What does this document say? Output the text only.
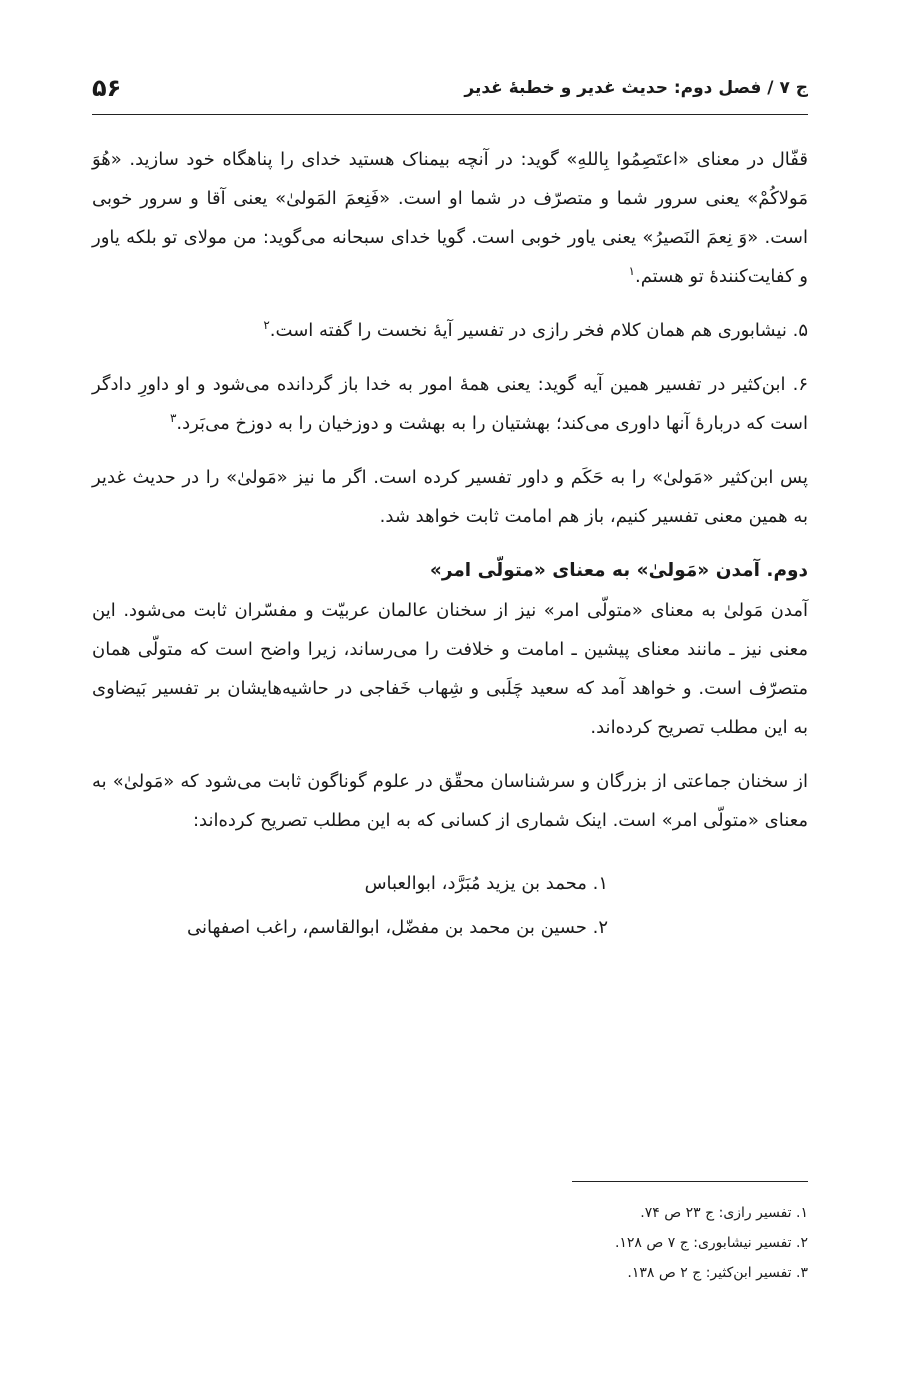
ج ۷ / فصل دوم: حدیث غدیر و خطبهٔ غدیر
۵۶

قفّال در معنای «اعتَصِمُوا بِاللهِ» گوید: در آنچه بیمناک هستید خدای را پناهگاه خود سازید. «هُوَ مَولاکُمْ» یعنی سرور شما و متصرّف در شما او است. «فَنِعمَ المَولیٰ» یعنی آقا و سرور خوبی است. «وَ نِعمَ النَصیرُ» یعنی یاور خوبی است. گویا خدای سبحانه می‌گوید: من مولای تو بلکه یاور و کفایت‌کنندهٔ تو هستم.$^۱$

۵. نیشابوری هم همان کلام فخر رازی در تفسیر آیهٔ نخست را گفته است.$^۲$

۶. ابن‌کثیر در تفسیر همین آیه گوید: یعنی همهٔ امور به خدا باز گردانده می‌شود و او داورِ دادگر است که دربارهٔ آنها داوری می‌کند؛ بهشتیان را به بهشت و دوزخیان را به دوزخ می‌بَرد.$^۳$

پس ابن‌کثیر «مَولیٰ» را به حَکَم و داور تفسیر کرده است. اگر ما نیز «مَولیٰ» را در حدیث غدیر به همین معنی تفسیر کنیم، باز هم امامت ثابت خواهد شد.

دوم. آمدن «مَولیٰ» به معنای «متولّی امر»

آمدن مَولیٰ به معنای «متولّی امر» نیز از سخنان عالمان عربیّت و مفسّران ثابت می‌شود. این معنی نیز ـ مانند معنای پیشین ـ امامت و خلافت را می‌رساند، زیرا واضح است که متولّی همان متصرّف است. و خواهد آمد که سعید چَلَبی و شِهاب خَفاجی در حاشیه‌هایشان بر تفسیر بَیضاوی به این مطلب تصریح کرده‌اند.

از سخنان جماعتی از بزرگان و سرشناسان محقّق در علوم گوناگون ثابت می‌شود که «مَولیٰ» به معنای «متولّی امر» است. اینک شماری از کسانی که به این مطلب تصریح کرده‌اند:

۱. محمد بن یزید مُبَرَّد، ابوالعباس
۲. حسین بن محمد بن مفضّل، ابوالقاسم، راغب اصفهانی
۱. تفسیر رازی: ج ۲۳ ص ۷۴.
۲. تفسیر نیشابوری: ج ۷ ص ۱۲۸.
۳. تفسیر ابن‌کثیر: ج ۲ ص ۱۳۸.
